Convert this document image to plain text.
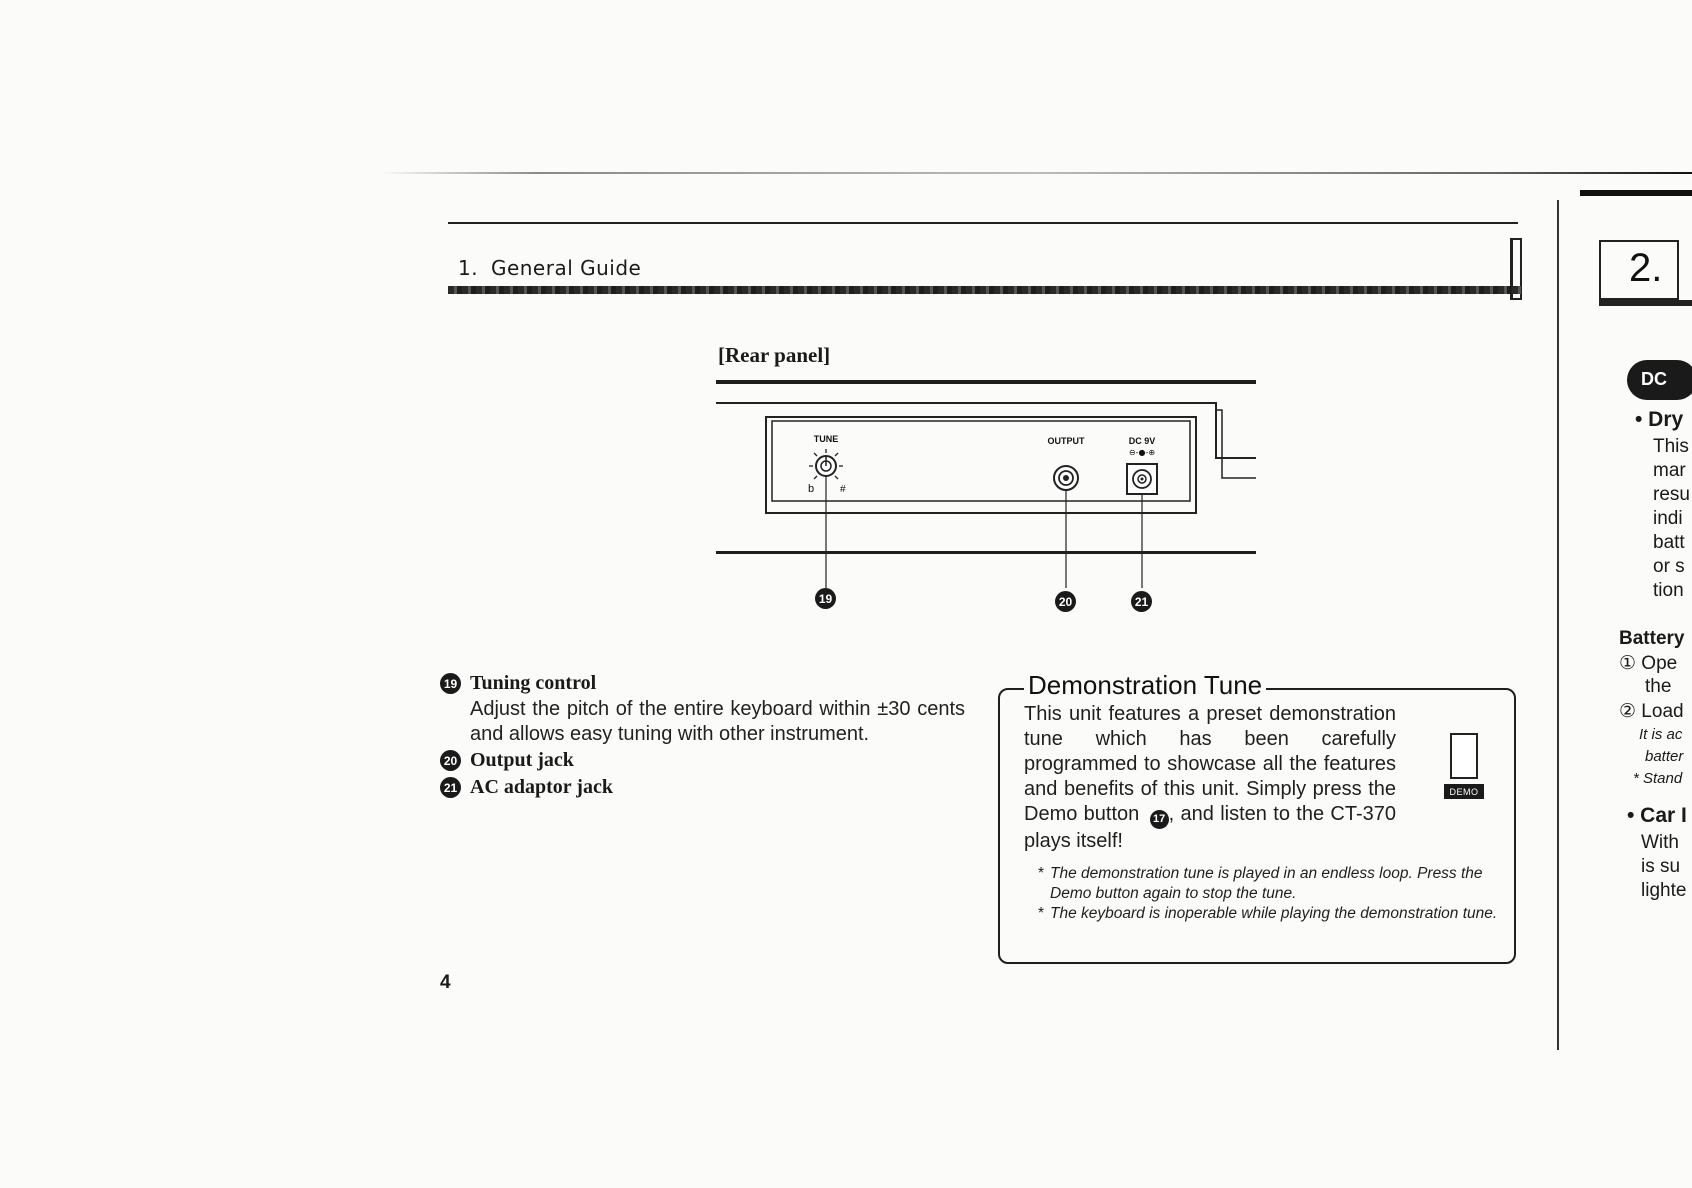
1. General Guide
[Rear panel]
TUNE
b	#
OUTPUT	DC 9V
⊖-●-⊕
19	20	21
19 Tuning control
Adjust the pitch of the entire keyboard within ±30 cents and allows easy tuning with other instrument.
20 Output jack
21 AC adaptor jack
Demonstration Tune
This unit features a preset demonstration tune which has been carefully programmed to showcase all the features and benefits of this unit. Simply press the Demo button 17 , and listen to the CT-370 plays itself!
DEMO
* The demonstration tune is played in an endless loop. Press the Demo button again to stop the tune.
* The keyboard is inoperable while playing the demonstration tune.
4
2.
DC
• Dry
This
mar
resu
indi
batt
or s
tion
Battery
① Ope
the
② Load
It is ac
batter
* Stand
• Car I
With
is su
lighte
